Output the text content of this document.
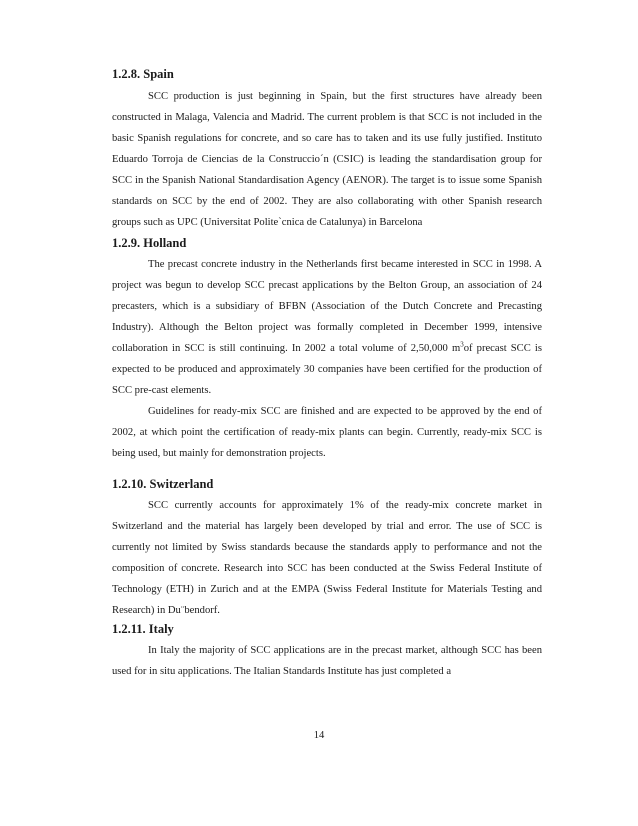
1.2.8. Spain

SCC production is just beginning in Spain, but the first structures have already been constructed in Malaga, Valencia and Madrid. The current problem is that SCC is not included in the basic Spanish regulations for concrete, and so care has to taken and its use fully justified. Instituto Eduardo Torroja de Ciencias de la Construccio´n (CSIC) is leading the standardisation group for SCC in the Spanish National Standardisation Agency (AENOR). The target is to issue some Spanish standards on SCC by the end of 2002. They are also collaborating with other Spanish research groups such as UPC (Universitat Polite`cnica de Catalunya) in Barcelona

1.2.9. Holland

The precast concrete industry in the Netherlands first became interested in SCC in 1998. A project was begun to develop SCC precast applications by the Belton Group, an association of 24 precasters, which is a subsidiary of BFBN (Association of the Dutch Concrete and Precasting Industry). Although the Belton project was formally completed in December 1999, intensive collaboration in SCC is still continuing. In 2002 a total volume of 2,50,000 $m^3of$ precast SCC is expected to be produced and approximately 30 companies have been certified for the production of SCC pre-cast elements.

Guidelines for ready-mix SCC are finished and are expected to be approved by the end of 2002, at which point the certification of ready-mix plants can begin. Currently, ready-mix SCC is being used, but mainly for demonstration projects.

1.2.10. Switzerland

SCC currently accounts for approximately 1% of the ready-mix concrete market in Switzerland and the material has largely been developed by trial and error. The use of SCC is currently not limited by Swiss standards because the standards apply to performance and not the composition of concrete. Research into SCC has been conducted at the Swiss Federal Institute of Technology (ETH) in Zurich and at the EMPA (Swiss Federal Institute for Materials Testing and Research) in Du¨bendorf.

1.2.11. Italy

In Italy the majority of SCC applications are in the precast market, although SCC has been used for in situ applications. The Italian Standards Institute has just completed a

14
